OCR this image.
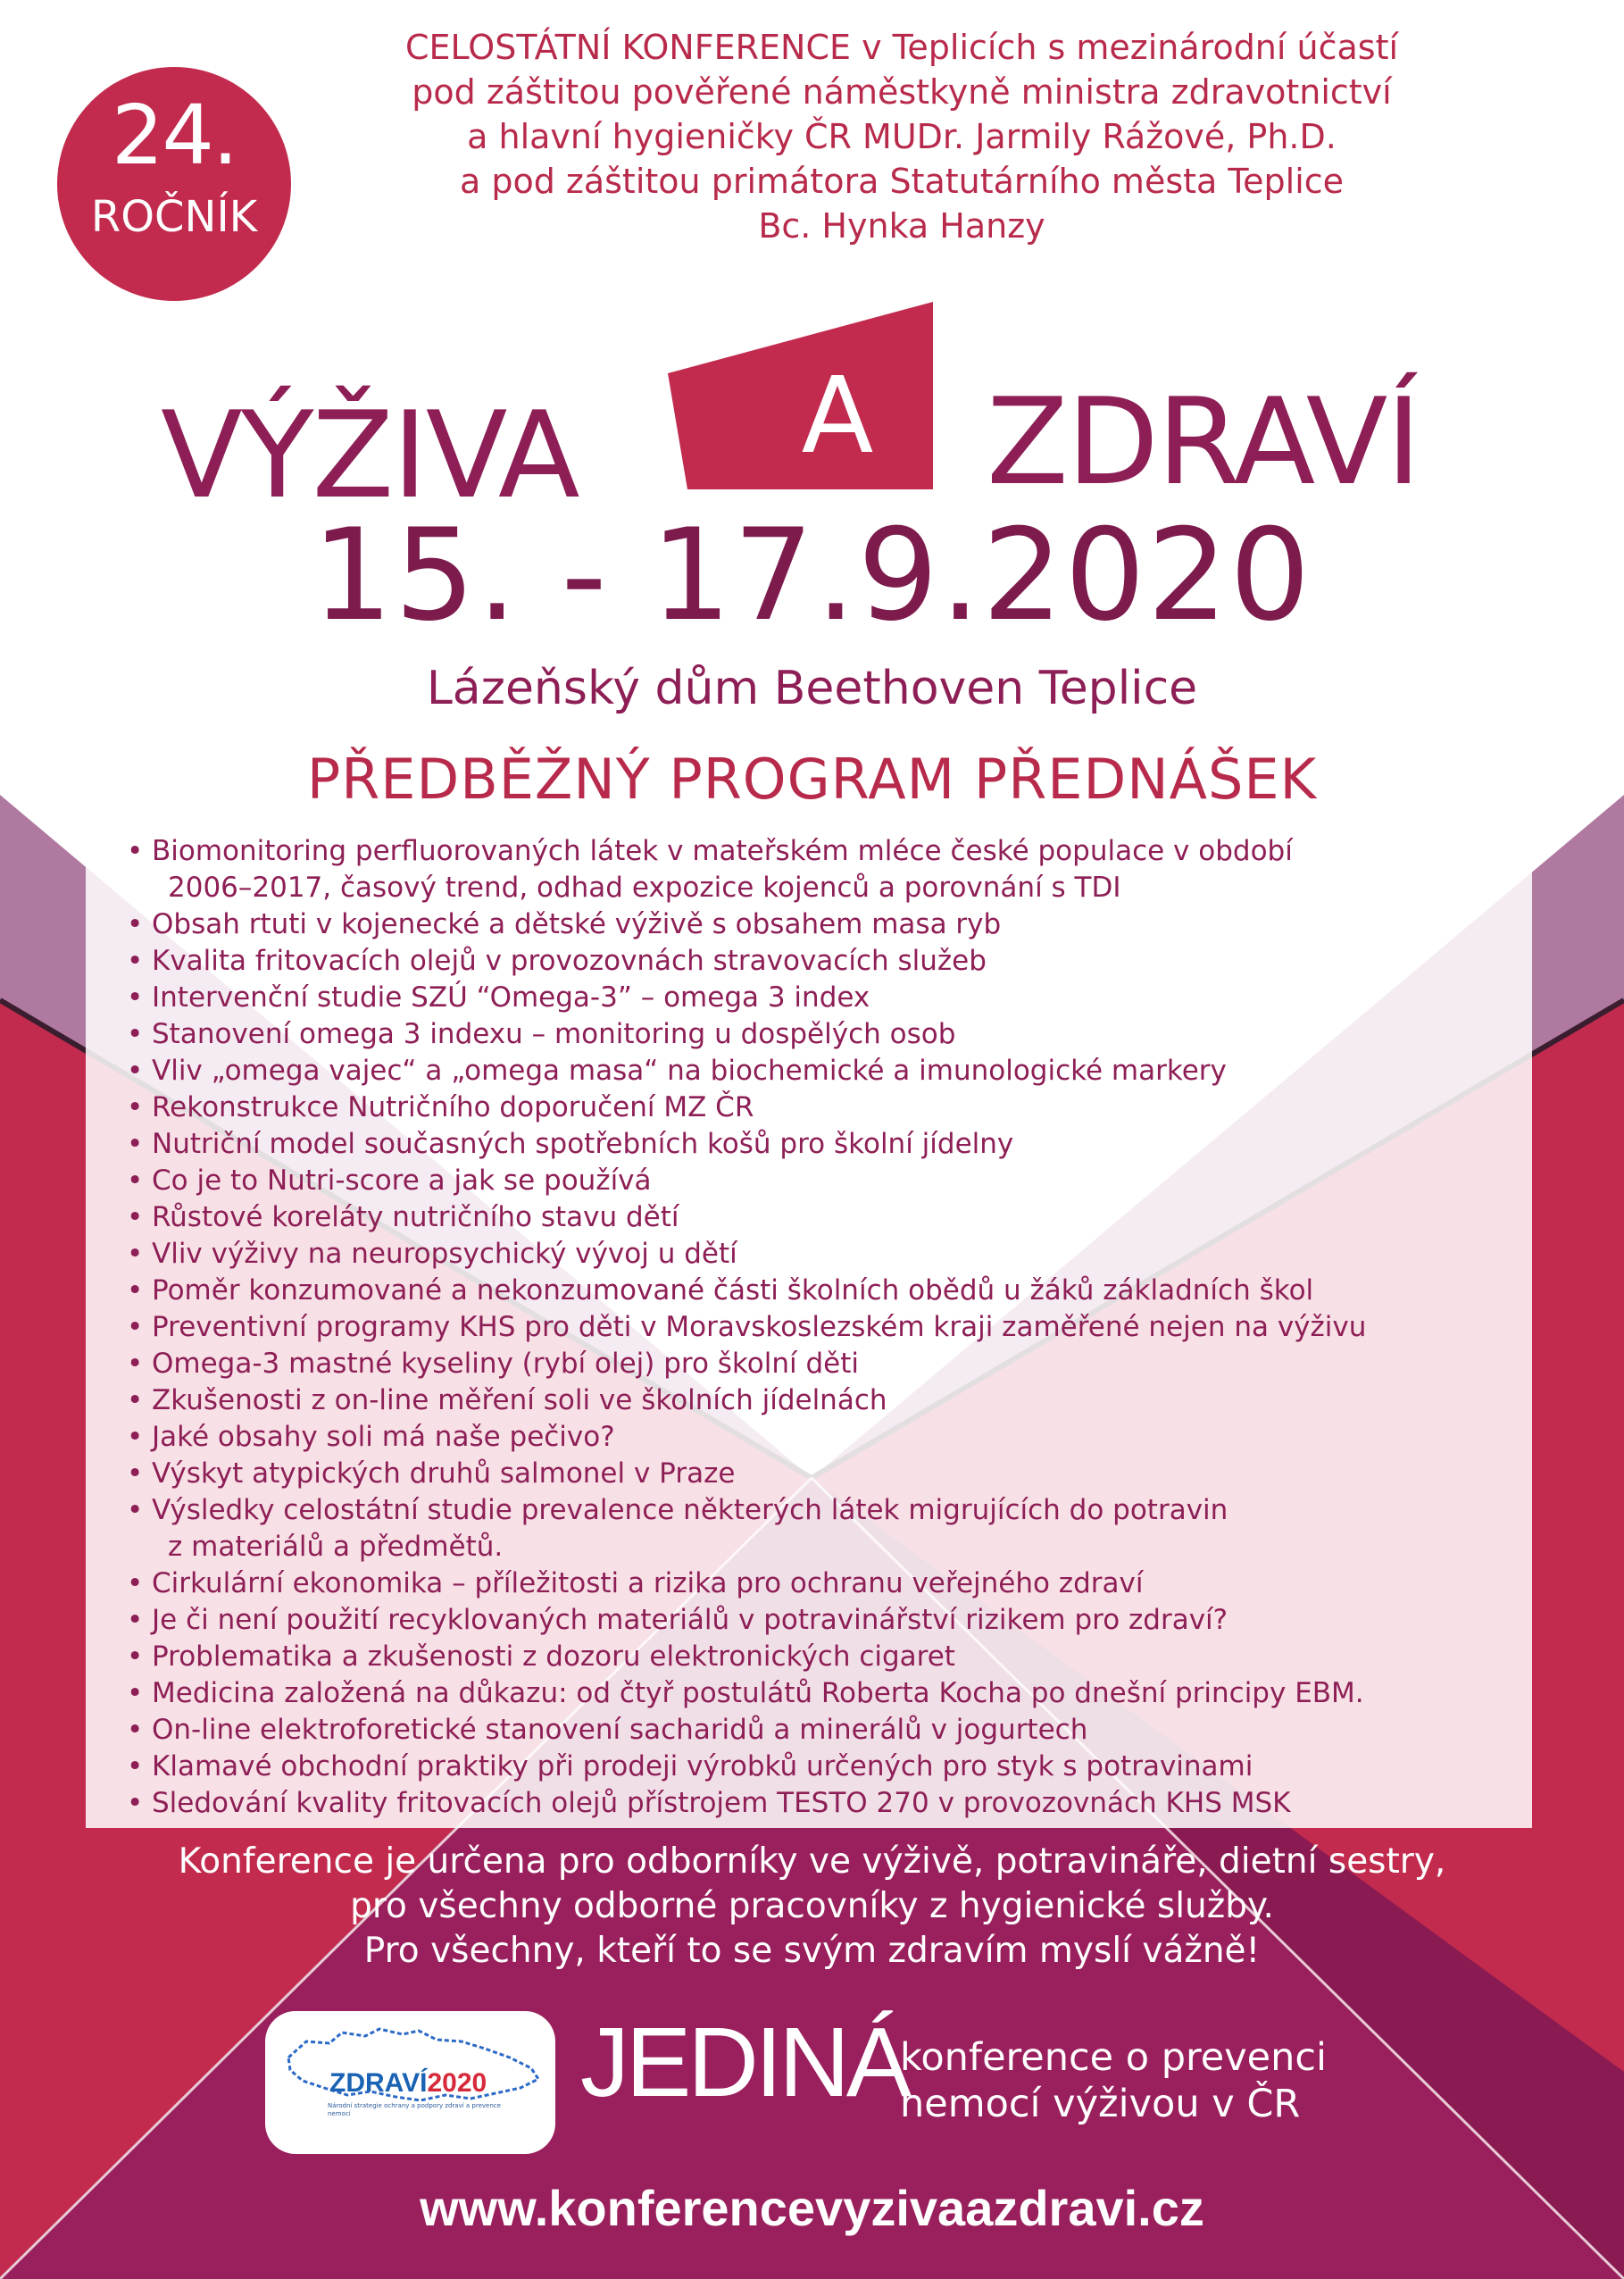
24.
ROČNÍK
CELOSTÁTNÍ KONFERENCE v Teplicích s mezinárodní účastí
pod záštitou pověřené náměstkyně ministra zdravotnictví
a hlavní hygieničky ČR MUDr. Jarmily Rážové, Ph.D.
a pod záštitou primátora Statutárního města Teplice
Bc. Hynka Hanzy
VÝŽIVA	A ZDRAVÍ
15. - 17.9.2020
Lázeňský dům Beethoven Teplice
PŘEDBĚŽNÝ PROGRAM PŘEDNÁŠEK
• Biomonitoring perfluorovaných látek v mateřském mléce české populace v období
2006–2017, časový trend, odhad expozice kojenců a porovnání s TDI
• Obsah rtuti v kojenecké a dětské výživě s obsahem masa ryb
• Kvalita fritovacích olejů v provozovnách stravovacích služeb
• Intervenční studie SZÚ “Omega-3” – omega 3 index
• Stanovení omega 3 indexu – monitoring u dospělých osob
• Vliv „omega vajec“ a „omega masa“ na biochemické a imunologické markery
• Rekonstrukce Nutričního doporučení MZ ČR
• Nutriční model současných spotřebních košů pro školní jídelny
• Co je to Nutri-score a jak se používá
• Růstové koreláty nutričního stavu dětí
• Vliv výživy na neuropsychický vývoj u dětí
• Poměr konzumované a nekonzumované části školních obědů u žáků základních škol
• Preventivní programy KHS pro děti v Moravskoslezském kraji zaměřené nejen na výživu
• Omega-3 mastné kyseliny (rybí olej) pro školní děti
• Zkušenosti z on-line měření soli ve školních jídelnách
• Jaké obsahy soli má naše pečivo?
• Výskyt atypických druhů salmonel v Praze
• Výsledky celostátní studie prevalence některých látek migrujících do potravin
z materiálů a předmětů.
• Cirkulární ekonomika – příležitosti a rizika pro ochranu veřejného zdraví
• Je či není použití recyklovaných materiálů v potravinářství rizikem pro zdraví?
• Problematika a zkušenosti z dozoru elektronických cigaret
• Medicina založená na důkazu: od čtyř postulátů Roberta Kocha po dnešní principy EBM.
• On-line elektroforetické stanovení sacharidů a minerálů v jogurtech
• Klamavé obchodní praktiky při prodeji výrobků určených pro styk s potravinami
• Sledování kvality fritovacích olejů přístrojem TESTO 270 v provozovnách KHS MSK
Konference je určena pro odborníky ve výživě, potravináře, dietní sestry,
pro všechny odborné pracovníky z hygienické služby.
Pro všechny, kteří to se svým zdravím myslí vážně!
ZDRAVÍ2020
Národní strategie ochrany a podpory zdraví a prevence nemocí	JEDINÁ
konference o prevenci
nemocí výživou v ČR
www.konferencevyzivaazdravi.cz
